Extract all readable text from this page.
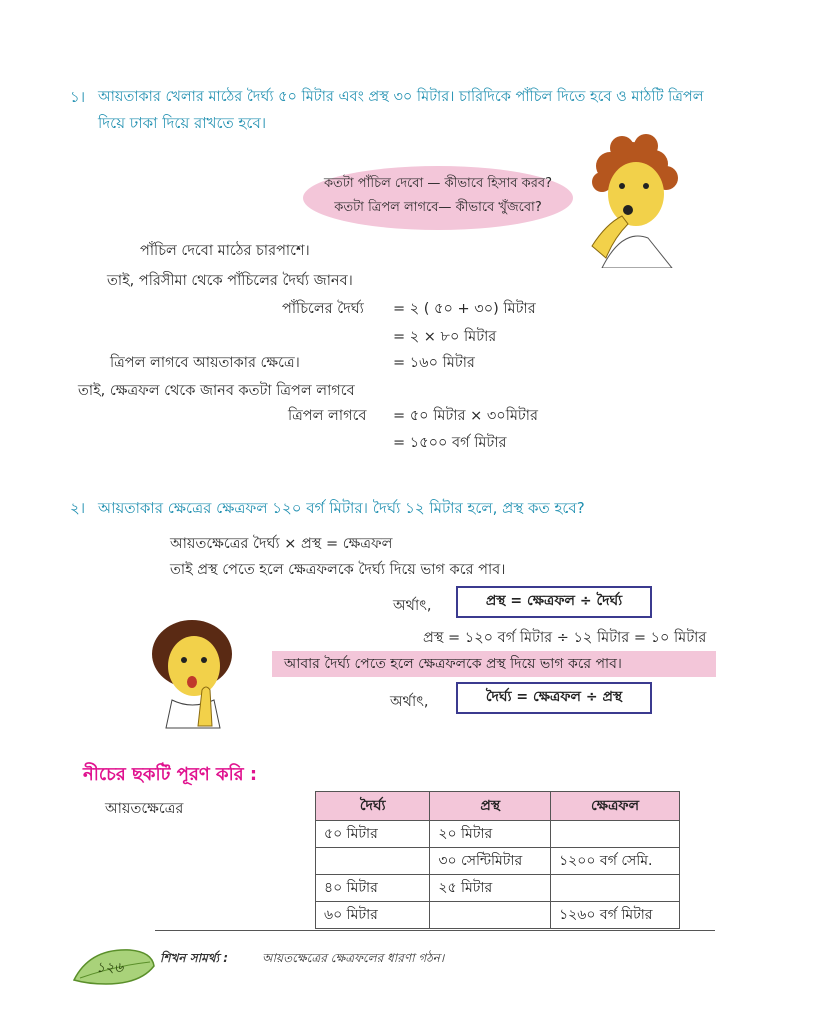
১। আয়তাকার খেলার মাঠের দৈর্ঘ্য ৫০ মিটার এবং প্রস্থ ৩০ মিটার। চারিদিকে পাঁচিল দিতে হবে ও মাঠটি ত্রিপল
দিয়ে ঢাকা দিয়ে রাখতে হবে।
কতটা পাঁচিল দেবো — কীভাবে হিসাব করব?
কতটা ত্রিপল লাগবে— কীভাবে খুঁজবো?
পাঁচিল দেবো মাঠের চারপাশে।
তাই, পরিসীমা থেকে পাঁচিলের দৈর্ঘ্য জানব।
পাঁচিলের দৈর্ঘ্য = ২ ( ৫০ + ৩০) মিটার
= ২ × ৮০ মিটার
ত্রিপল লাগবে আয়তাকার ক্ষেত্রে।	= ১৬০ মিটার
তাই, ক্ষেত্রফল থেকে জানব কতটা ত্রিপল লাগবে
ত্রিপল লাগবে = ৫০ মিটার × ৩০মিটার
= ১৫০০ বর্গ মিটার
২। আয়তাকার ক্ষেত্রের ক্ষেত্রফল ১২০ বর্গ মিটার। দৈর্ঘ্য ১২ মিটার হলে, প্রস্থ কত হবে?
আয়তক্ষেত্রের দৈর্ঘ্য × প্রস্থ = ক্ষেত্রফল
তাই প্রস্থ পেতে হলে ক্ষেত্রফলকে দৈর্ঘ্য দিয়ে ভাগ করে পাব।
অর্থাৎ,	প্রস্থ = ক্ষেত্রফল ÷ দৈর্ঘ্য
প্রস্থ = ১২০ বর্গ মিটার ÷ ১২ মিটার = ১০ মিটার
আবার দৈর্ঘ্য পেতে হলে ক্ষেত্রফলকে প্রস্থ দিয়ে ভাগ করে পাব।
অর্থাৎ,	দৈর্ঘ্য = ক্ষেত্রফল ÷ প্রস্থ
নীচের ছকটি পূরণ করি :
আয়তক্ষেত্রের	দৈর্ঘ্য	প্রস্থ	ক্ষেত্রফল
৫০ মিটার	২০ মিটার	
	৩০ সেন্টিমিটার	১২০০ বর্গ সেমি.
৪০ মিটার	২৫ মিটার	
৬০ মিটার		১২৬০ বর্গ মিটার
১২৬
শিখন সামর্থ্য :	আয়তক্ষেত্রের ক্ষেত্রফলের ধারণা গঠন।
